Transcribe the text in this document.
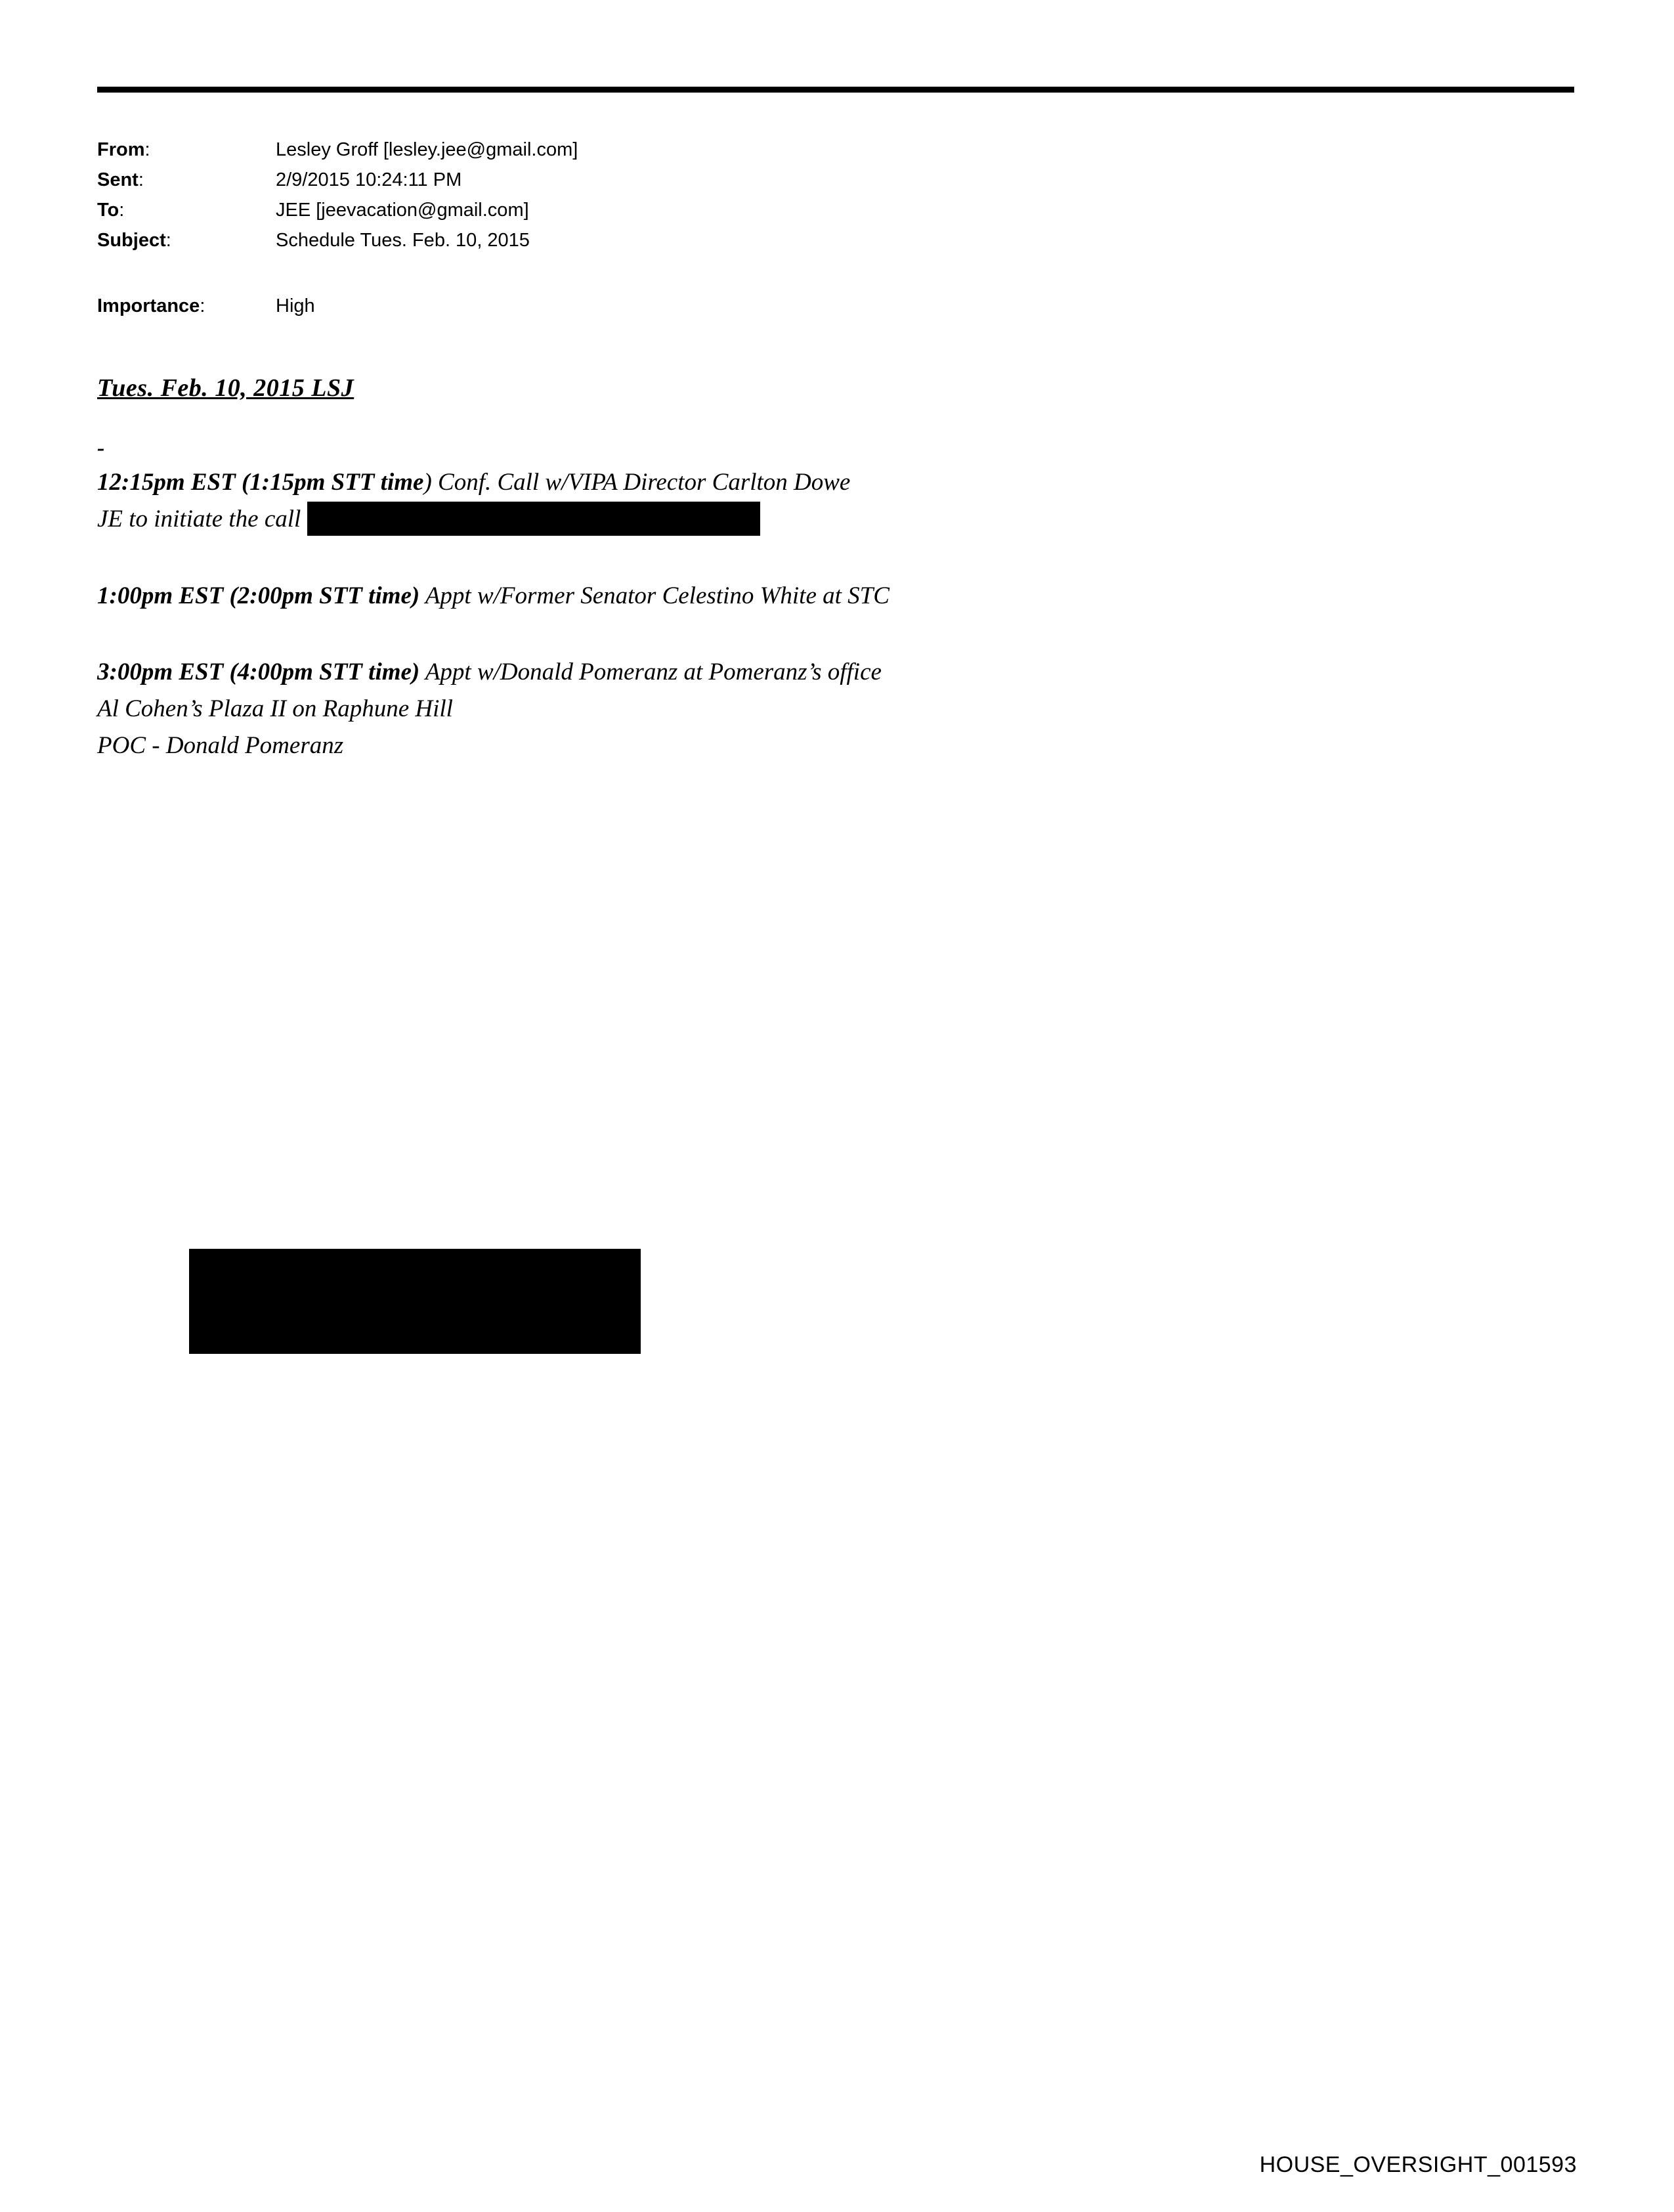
From:	Lesley Groff [lesley.jee@gmail.com]
Sent:	2/9/2015 10:24:11 PM
To:	JEE [jeevacation@gmail.com]
Subject:	Schedule Tues. Feb. 10, 2015
Importance:	High
Tues. Feb. 10, 2015 LSJ
-
12:15pm EST (1:15pm STT time) Conf. Call w/VIPA Director Carlton Dowe
JE to initiate the call
1:00pm EST (2:00pm STT time) Appt w/Former Senator Celestino White at STC
3:00pm EST (4:00pm STT time) Appt w/Donald Pomeranz at Pomeranz’s office
Al Cohen’s Plaza II on Raphune Hill
POC - Donald Pomeranz
HOUSE_OVERSIGHT_001593
